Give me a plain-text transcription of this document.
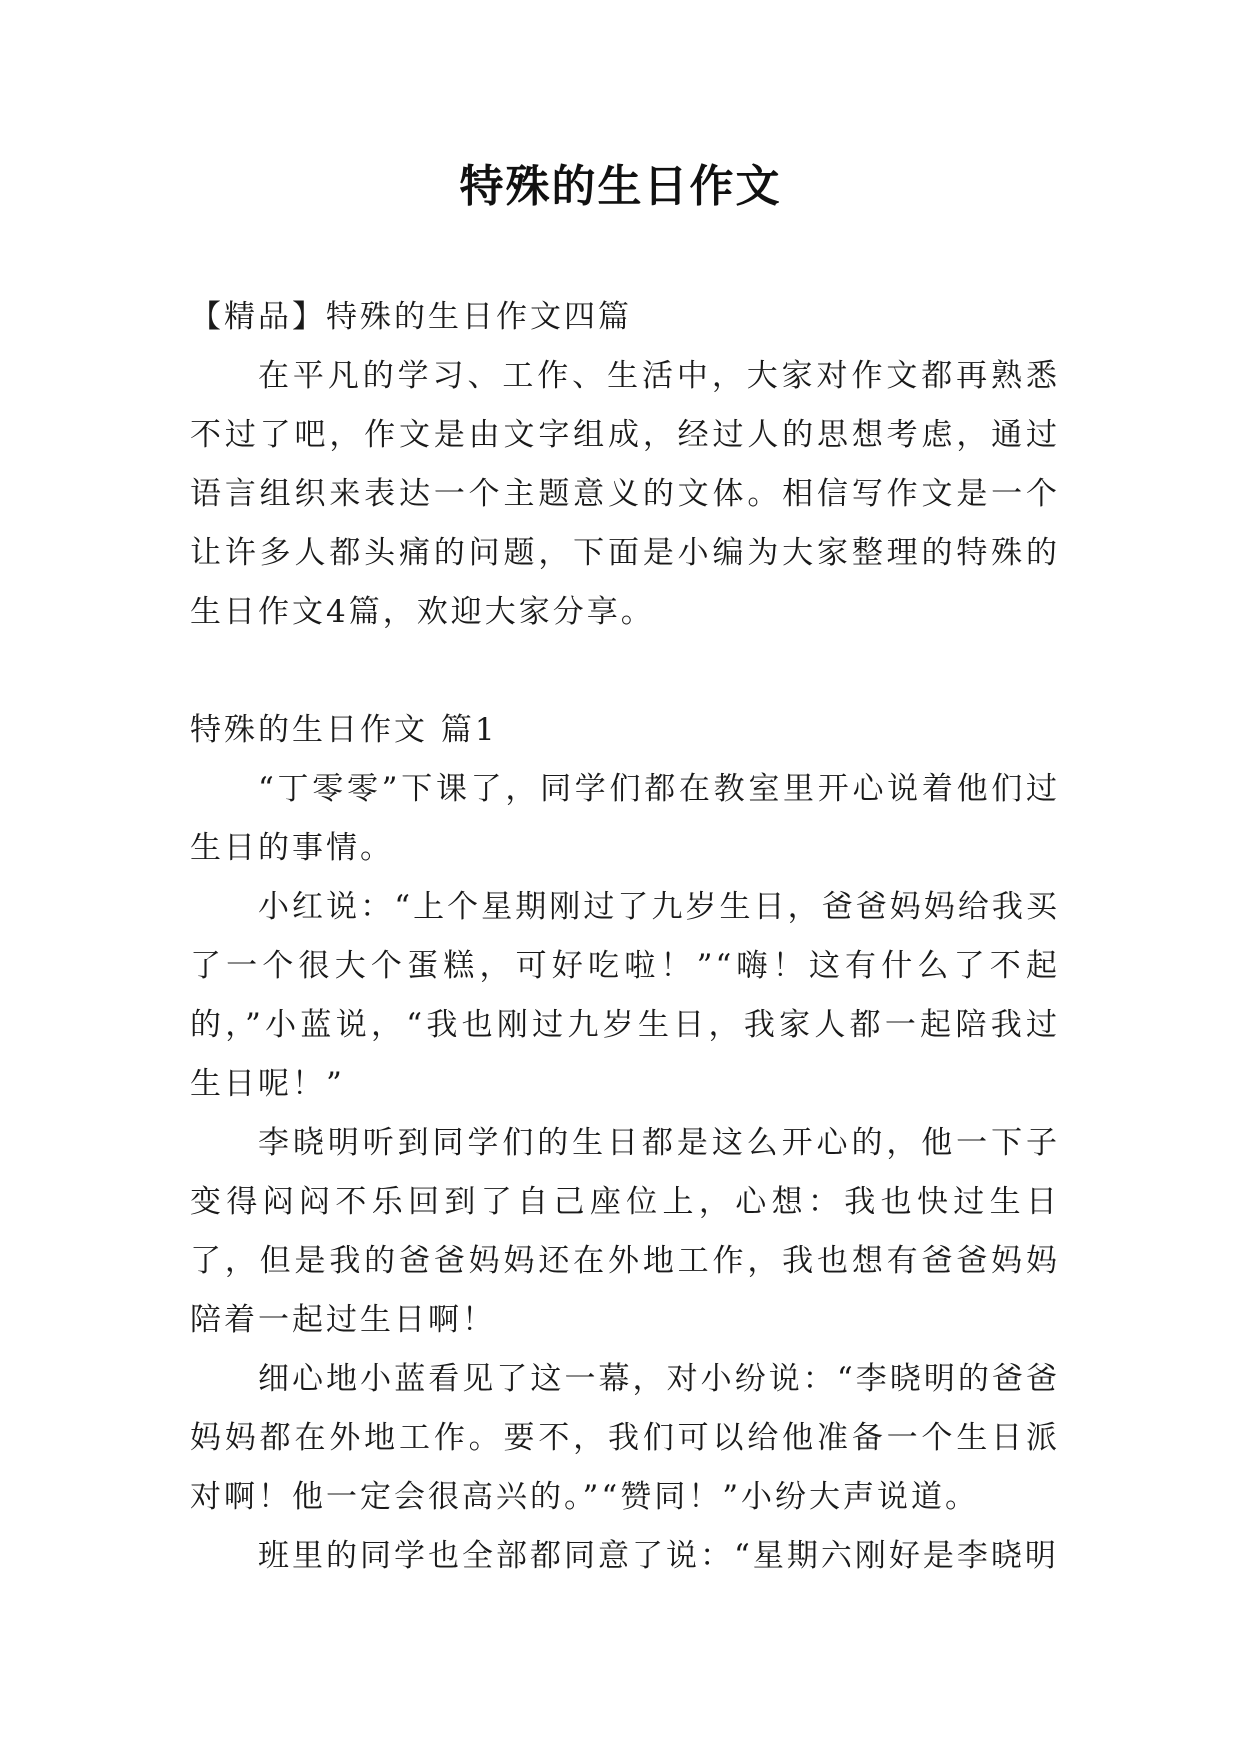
特殊的生日作文

【精品】特殊的生日作文四篇

在平凡的学习、工作、生活中，大家对作文都再熟悉不过了吧，作文是由文字组成，经过人的思想考虑，通过语言组织来表达一个主题意义的文体。相信写作文是一个让许多人都头痛的问题，下面是小编为大家整理的特殊的生日作文4篇，欢迎大家分享。

特殊的生日作文 篇1

“丁零零”下课了，同学们都在教室里开心说着他们过生日的事情。

小红说：“上个星期刚过了九岁生日，爸爸妈妈给我买了一个很大个蛋糕，可好吃啦！”“嗨！这有什么了不起的，”小蓝说，“我也刚过九岁生日，我家人都一起陪我过生日呢！”

李晓明听到同学们的生日都是这么开心的，他一下子变得闷闷不乐回到了自己座位上，心想：我也快过生日了，但是我的爸爸妈妈还在外地工作，我也想有爸爸妈妈陪着一起过生日啊！

细心地小蓝看见了这一幕，对小纷说：“李晓明的爸爸妈妈都在外地工作。要不，我们可以给他准备一个生日派对啊！他一定会很高兴的。”“赞同！”小纷大声说道。

班里的同学也全部都同意了说：“星期六刚好是李晓明
